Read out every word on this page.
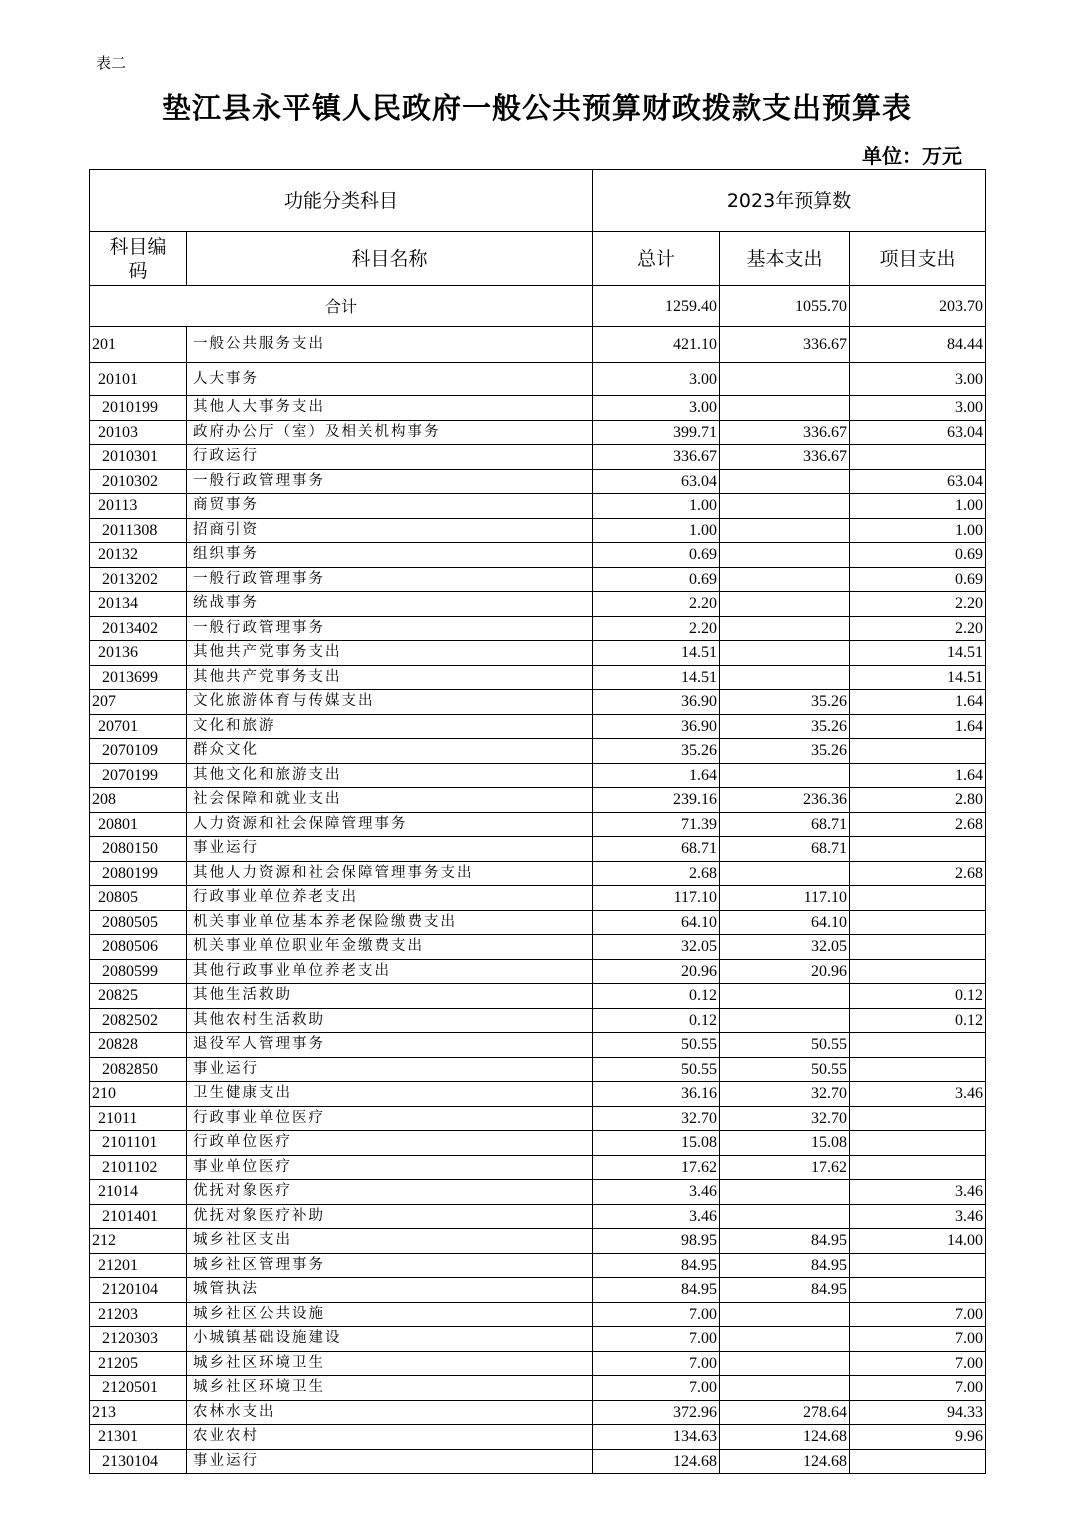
表二
垫江县永平镇人民政府一般公共预算财政拨款支出预算表
单位：万元
功能分类科目		2023年预算数		
科目编码	科目名称	总计	基本支出	项目支出
合计		1259.40	1055.70	203.70
201	一般公共服务支出	421.10	336.67	84.44
20101	人大事务	3.00		3.00
2010199	其他人大事务支出	3.00		3.00
20103	政府办公厅（室）及相关机构事务	399.71	336.67	63.04
2010301	行政运行	336.67	336.67	
2010302	一般行政管理事务	63.04		63.04
20113	商贸事务	1.00		1.00
2011308	招商引资	1.00		1.00
20132	组织事务	0.69		0.69
2013202	一般行政管理事务	0.69		0.69
20134	统战事务	2.20		2.20
2013402	一般行政管理事务	2.20		2.20
20136	其他共产党事务支出	14.51		14.51
2013699	其他共产党事务支出	14.51		14.51
207	文化旅游体育与传媒支出	36.90	35.26	1.64
20701	文化和旅游	36.90	35.26	1.64
2070109	群众文化	35.26	35.26	
2070199	其他文化和旅游支出	1.64		1.64
208	社会保障和就业支出	239.16	236.36	2.80
20801	人力资源和社会保障管理事务	71.39	68.71	2.68
2080150	事业运行	68.71	68.71	
2080199	其他人力资源和社会保障管理事务支出	2.68		2.68
20805	行政事业单位养老支出	117.10	117.10	
2080505	机关事业单位基本养老保险缴费支出	64.10	64.10	
2080506	机关事业单位职业年金缴费支出	32.05	32.05	
2080599	其他行政事业单位养老支出	20.96	20.96	
20825	其他生活救助	0.12		0.12
2082502	其他农村生活救助	0.12		0.12
20828	退役军人管理事务	50.55	50.55	
2082850	事业运行	50.55	50.55	
210	卫生健康支出	36.16	32.70	3.46
21011	行政事业单位医疗	32.70	32.70	
2101101	行政单位医疗	15.08	15.08	
2101102	事业单位医疗	17.62	17.62	
21014	优抚对象医疗	3.46		3.46
2101401	优抚对象医疗补助	3.46		3.46
212	城乡社区支出	98.95	84.95	14.00
21201	城乡社区管理事务	84.95	84.95	
2120104	城管执法	84.95	84.95	
21203	城乡社区公共设施	7.00		7.00
2120303	小城镇基础设施建设	7.00		7.00
21205	城乡社区环境卫生	7.00		7.00
2120501	城乡社区环境卫生	7.00		7.00
213	农林水支出	372.96	278.64	94.33
21301	农业农村	134.63	124.68	9.96
2130104	事业运行	124.68	124.68	
